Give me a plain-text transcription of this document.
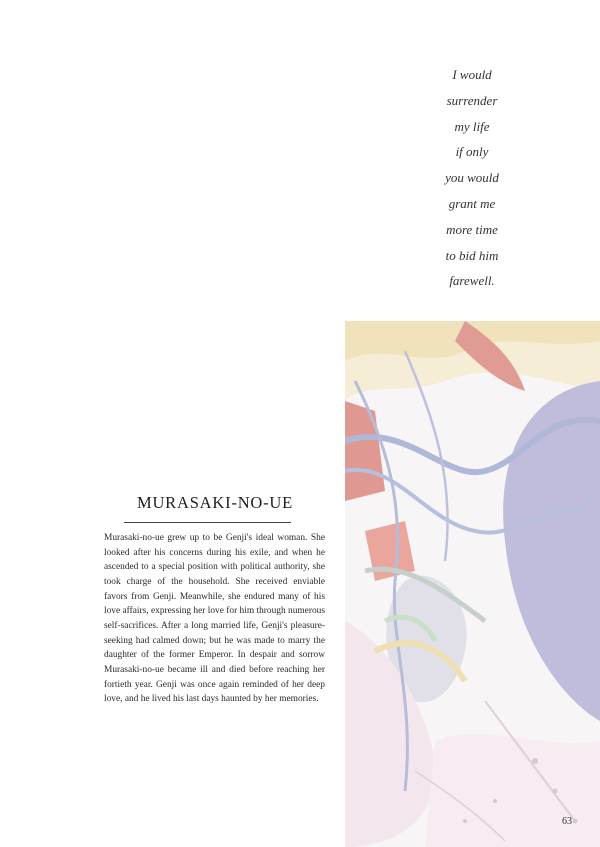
I would
surrender
my life
if only
you would
grant me
more time
to bid him
farewell.
MURASAKI-NO-UE
Murasaki-no-ue grew up to be Genji's ideal woman. She looked after his concerns during his exile, and when he ascended to a special position with political authority, she took charge of the household. She received enviable favors from Genji. Meanwhile, she endured many of his love affairs, expressing her love for him through numerous self-sacrifices. After a long married life, Genji's pleasure-seeking had calmed down; but he was made to marry the daughter of the former Emperor. In despair and sorrow Murasaki-no-ue became ill and died before reaching her fortieth year. Genji was once again reminded of her deep love, and he lived his last days haunted by her memories.
63
